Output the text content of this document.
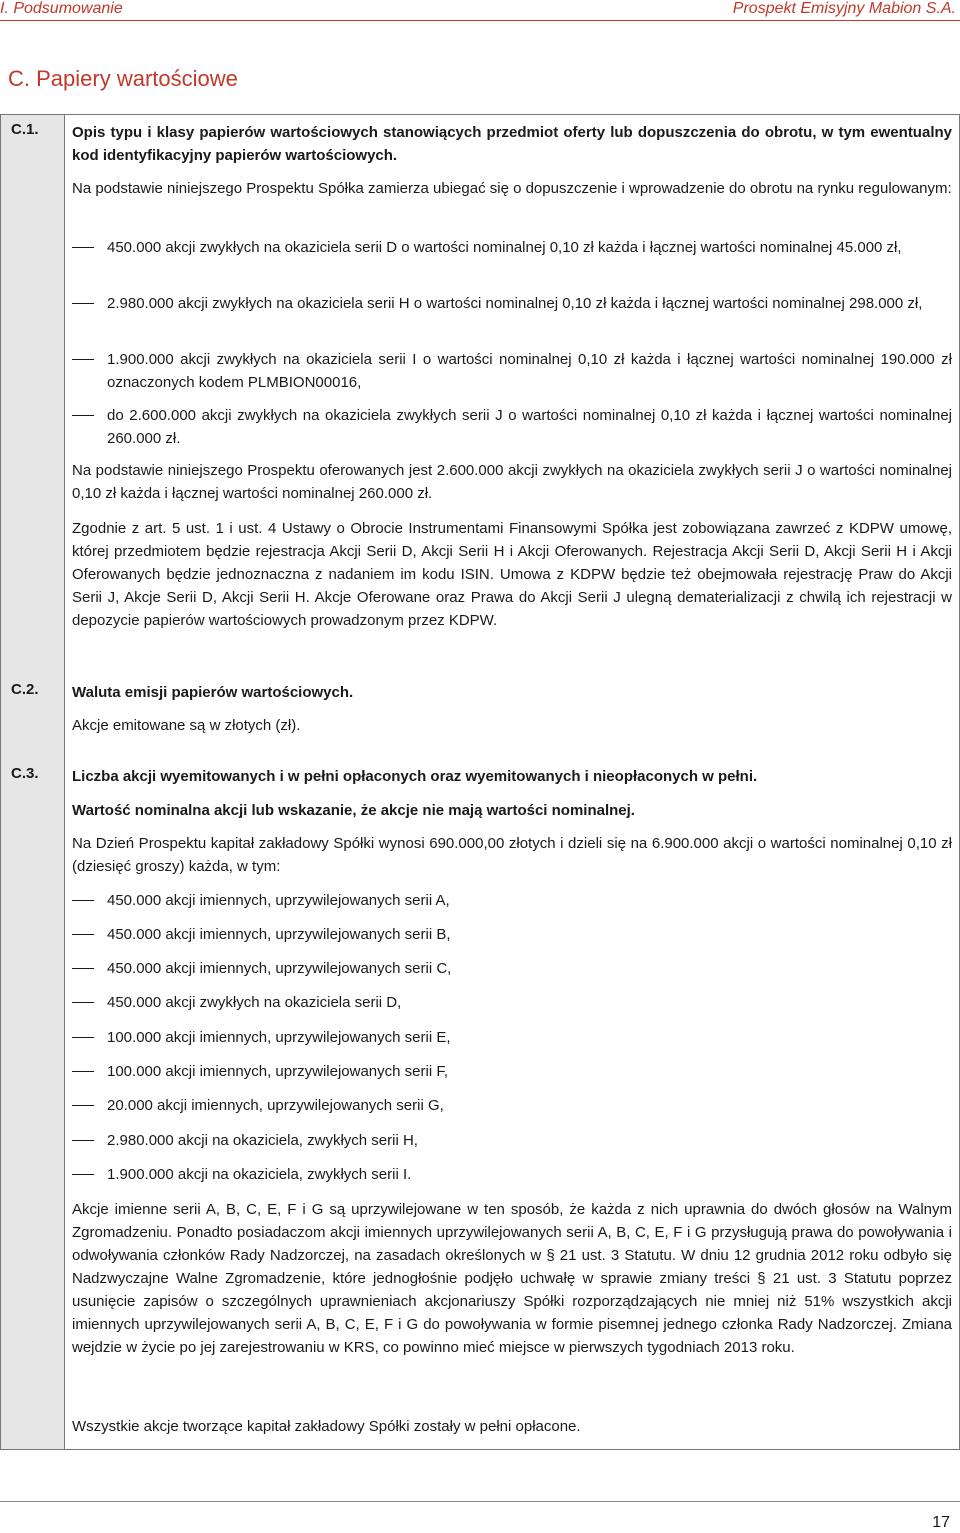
I. Podsumowanie	Prospekt Emisyjny Mabion S.A.
C. Papiery wartościowe
C.1.
C.2.
C.3.
Opis typu i klasy papierów wartościowych stanowiących przedmiot oferty lub dopuszczenia do obrotu, w tym ewentualny kod identyfikacyjny papierów wartościowych.
Na podstawie niniejszego Prospektu Spółka zamierza ubiegać się o dopuszczenie i wprowadzenie do obrotu na rynku regulowanym:
450.000 akcji zwykłych na okaziciela serii D o wartości nominalnej 0,10 zł każda i łącznej wartości nominalnej 45.000 zł,
2.980.000 akcji zwykłych na okaziciela serii H o wartości nominalnej 0,10 zł każda i łącznej wartości nominalnej 298.000 zł,
1.900.000 akcji zwykłych na okaziciela serii I o wartości nominalnej 0,10 zł każda i łącznej wartości nominalnej 190.000 zł oznaczonych kodem PLMBION00016,
do 2.600.000 akcji zwykłych na okaziciela zwykłych serii J o wartości nominalnej 0,10 zł każda i łącznej wartości nominalnej 260.000 zł.
Na podstawie niniejszego Prospektu oferowanych jest 2.600.000 akcji zwykłych na okaziciela zwykłych serii J o wartości nominalnej 0,10 zł każda i łącznej wartości nominalnej 260.000 zł.
Zgodnie z art. 5 ust. 1 i ust. 4 Ustawy o Obrocie Instrumentami Finansowymi Spółka jest zobowiązana zawrzeć z KDPW umowę, której przedmiotem będzie rejestracja Akcji Serii D, Akcji Serii H i Akcji Oferowanych. Rejestracja Akcji Serii D, Akcji Serii H i Akcji Oferowanych będzie jednoznaczna z nadaniem im kodu ISIN. Umowa z KDPW będzie też obejmowała rejestrację Praw do Akcji Serii J, Akcje Serii D, Akcji Serii H. Akcje Oferowane oraz Prawa do Akcji Serii J ulegną dematerializacji z chwilą ich rejestracji w depozycie papierów wartościowych prowadzonym przez KDPW.
Waluta emisji papierów wartościowych.
Akcje emitowane są w złotych (zł).
Liczba akcji wyemitowanych i w pełni opłaconych oraz wyemitowanych i nieopłaconych w pełni.
Wartość nominalna akcji lub wskazanie, że akcje nie mają wartości nominalnej.
Na Dzień Prospektu kapitał zakładowy Spółki wynosi 690.000,00 złotych i dzieli się na 6.900.000 akcji o wartości nominalnej 0,10 zł (dziesięć groszy) każda, w tym:
450.000 akcji imiennych, uprzywilejowanych serii A,
450.000 akcji imiennych, uprzywilejowanych serii B,
450.000 akcji imiennych, uprzywilejowanych serii C,
450.000 akcji zwykłych na okaziciela serii D,
100.000 akcji imiennych, uprzywilejowanych serii E,
100.000 akcji imiennych, uprzywilejowanych serii F,
20.000 akcji imiennych, uprzywilejowanych serii G,
2.980.000 akcji na okaziciela, zwykłych serii H,
1.900.000 akcji na okaziciela, zwykłych serii I.
Akcje imienne serii A, B, C, E, F i G są uprzywilejowane w ten sposób, że każda z nich uprawnia do dwóch głosów na Walnym Zgromadzeniu. Ponadto posiadaczom akcji imiennych uprzywilejowanych serii A, B, C, E, F i G przysługują prawa do powoływania i odwoływania członków Rady Nadzorczej, na zasadach określonych w § 21 ust. 3 Statutu. W dniu 12 grudnia 2012 roku odbyło się Nadzwyczajne Walne Zgromadzenie, które jednogłośnie podjęło uchwałę w sprawie zmiany treści § 21 ust. 3 Statutu poprzez usunięcie zapisów o szczególnych uprawnieniach akcjonariuszy Spółki rozporządzających nie mniej niż 51% wszystkich akcji imiennych uprzywilejowanych serii A, B, C, E, F i G do powoływania w formie pisemnej jednego członka Rady Nadzorczej. Zmiana wejdzie w życie po jej zarejestrowaniu w KRS, co powinno mieć miejsce w pierwszych tygodniach 2013 roku.
Wszystkie akcje tworzące kapitał zakładowy Spółki zostały w pełni opłacone.
17
